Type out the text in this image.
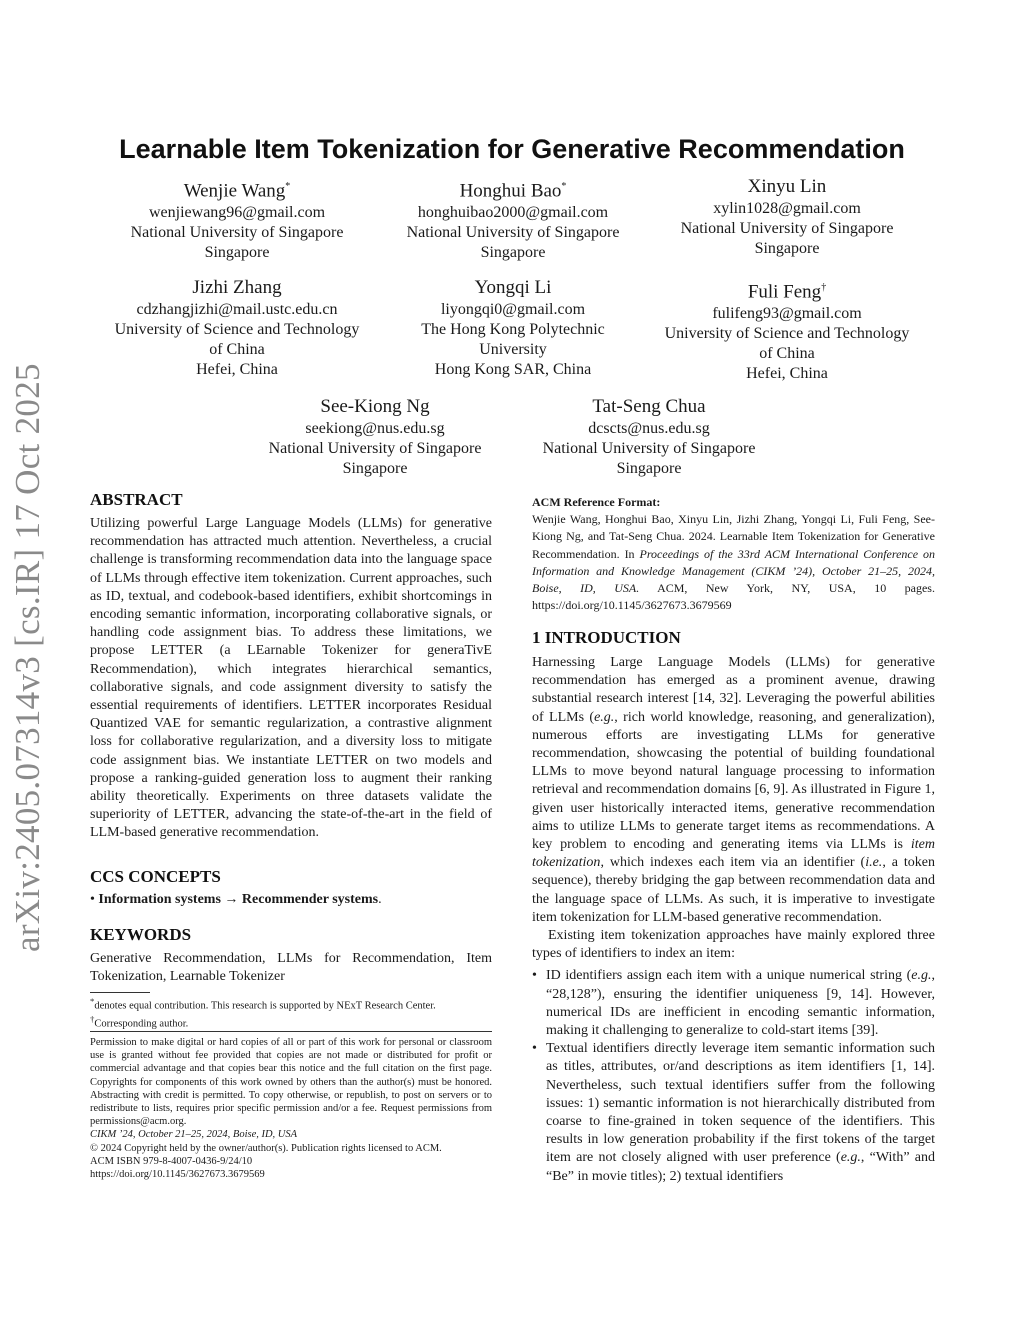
arXiv:2405.07314v3 [cs.IR] 17 Oct 2025
Learnable Item Tokenization for Generative Recommendation
Wenjie Wang*
wenjiewang96@gmail.com
National University of Singapore
Singapore
Honghui Bao*
honghuibao2000@gmail.com
National University of Singapore
Singapore
Xinyu Lin
xylin1028@gmail.com
National University of Singapore
Singapore
Jizhi Zhang
cdzhangjizhi@mail.ustc.edu.cn
University of Science and Technology
of China
Hefei, China
Yongqi Li
liyongqi0@gmail.com
The Hong Kong Polytechnic
University
Hong Kong SAR, China
Fuli Feng†
fulifeng93@gmail.com
University of Science and Technology
of China
Hefei, China
See-Kiong Ng
seekiong@nus.edu.sg
National University of Singapore
Singapore
Tat-Seng Chua
dcscts@nus.edu.sg
National University of Singapore
Singapore
ABSTRACT

Utilizing powerful Large Language Models (LLMs) for generative recommendation has attracted much attention. Nevertheless, a crucial challenge is transforming recommendation data into the language space of LLMs through effective item tokenization. Current approaches, such as ID, textual, and codebook-based identifiers, exhibit shortcomings in encoding semantic information, incorporating collaborative signals, or handling code assignment bias. To address these limitations, we propose LETTER (a LEarnable Tokenizer for generaTivE Recommendation), which integrates hierarchical semantics, collaborative signals, and code assignment diversity to satisfy the essential requirements of identifiers. LETTER incorporates Residual Quantized VAE for semantic regularization, a contrastive alignment loss for collaborative regularization, and a diversity loss to mitigate code assignment bias. We instantiate LETTER on two models and propose a ranking-guided generation loss to augment their ranking ability theoretically. Experiments on three datasets validate the superiority of LETTER, advancing the state-of-the-art in the field of LLM-based generative recommendation.

CCS CONCEPTS
• Information systems → Recommender systems.
KEYWORDS
Generative Recommendation, LLMs for Recommendation, Item Tokenization, Learnable Tokenizer
*denotes equal contribution. This research is supported by NExT Research Center.
†Corresponding author.
Permission to make digital or hard copies of all or part of this work for personal or classroom use is granted without fee provided that copies are not made or distributed for profit or commercial advantage and that copies bear this notice and the full citation on the first page. Copyrights for components of this work owned by others than the author(s) must be honored. Abstracting with credit is permitted. To copy otherwise, or republish, to post on servers or to redistribute to lists, requires prior specific permission and/or a fee. Request permissions from permissions@acm.org.
CIKM ’24, October 21–25, 2024, Boise, ID, USA
© 2024 Copyright held by the owner/author(s). Publication rights licensed to ACM.
ACM ISBN 979-8-4007-0436-9/24/10
https://doi.org/10.1145/3627673.3679569
ACM Reference Format:
Wenjie Wang, Honghui Bao, Xinyu Lin, Jizhi Zhang, Yongqi Li, Fuli Feng, See-Kiong Ng, and Tat-Seng Chua. 2024. Learnable Item Tokenization for Generative Recommendation. In Proceedings of the 33rd ACM International Conference on Information and Knowledge Management (CIKM ’24), October 21–25, 2024, Boise, ID, USA. ACM, New York, NY, USA, 10 pages. https://doi.org/10.1145/3627673.3679569
1 INTRODUCTION

Harnessing Large Language Models (LLMs) for generative recommendation has emerged as a prominent avenue, drawing substantial research interest [14, 32]. Leveraging the powerful abilities of LLMs (e.g., rich world knowledge, reasoning, and generalization), numerous efforts are investigating LLMs for generative recommendation, showcasing the potential of building foundational LLMs to move beyond natural language processing to information retrieval and recommendation domains [6, 9]. As illustrated in Figure 1, given user historically interacted items, generative recommendation aims to utilize LLMs to generate target items as recommendations. A key problem to encoding and generating items via LLMs is item tokenization, which indexes each item via an identifier (i.e., a token sequence), thereby bridging the gap between recommendation data and the language space of LLMs. As such, it is imperative to investigate item tokenization for LLM-based generative recommendation.

Existing item tokenization approaches have mainly explored three types of identifiers to index an item:

• ID identifiers assign each item with a unique numerical string (e.g., “28,128”), ensuring the identifier uniqueness [9, 14]. However, numerical IDs are inefficient in encoding semantic information, making it challenging to generalize to cold-start items [39].
• Textual identifiers directly leverage item semantic information such as titles, attributes, or/and descriptions as item identifiers [1, 14]. Nevertheless, such textual identifiers suffer from the following issues: 1) semantic information is not hierarchically distributed from coarse to fine-grained in token sequence of the identifiers. This results in low generation probability if the first tokens of the target item are not closely aligned with user preference (e.g., “With” and “Be” in movie titles); 2) textual identifiers
